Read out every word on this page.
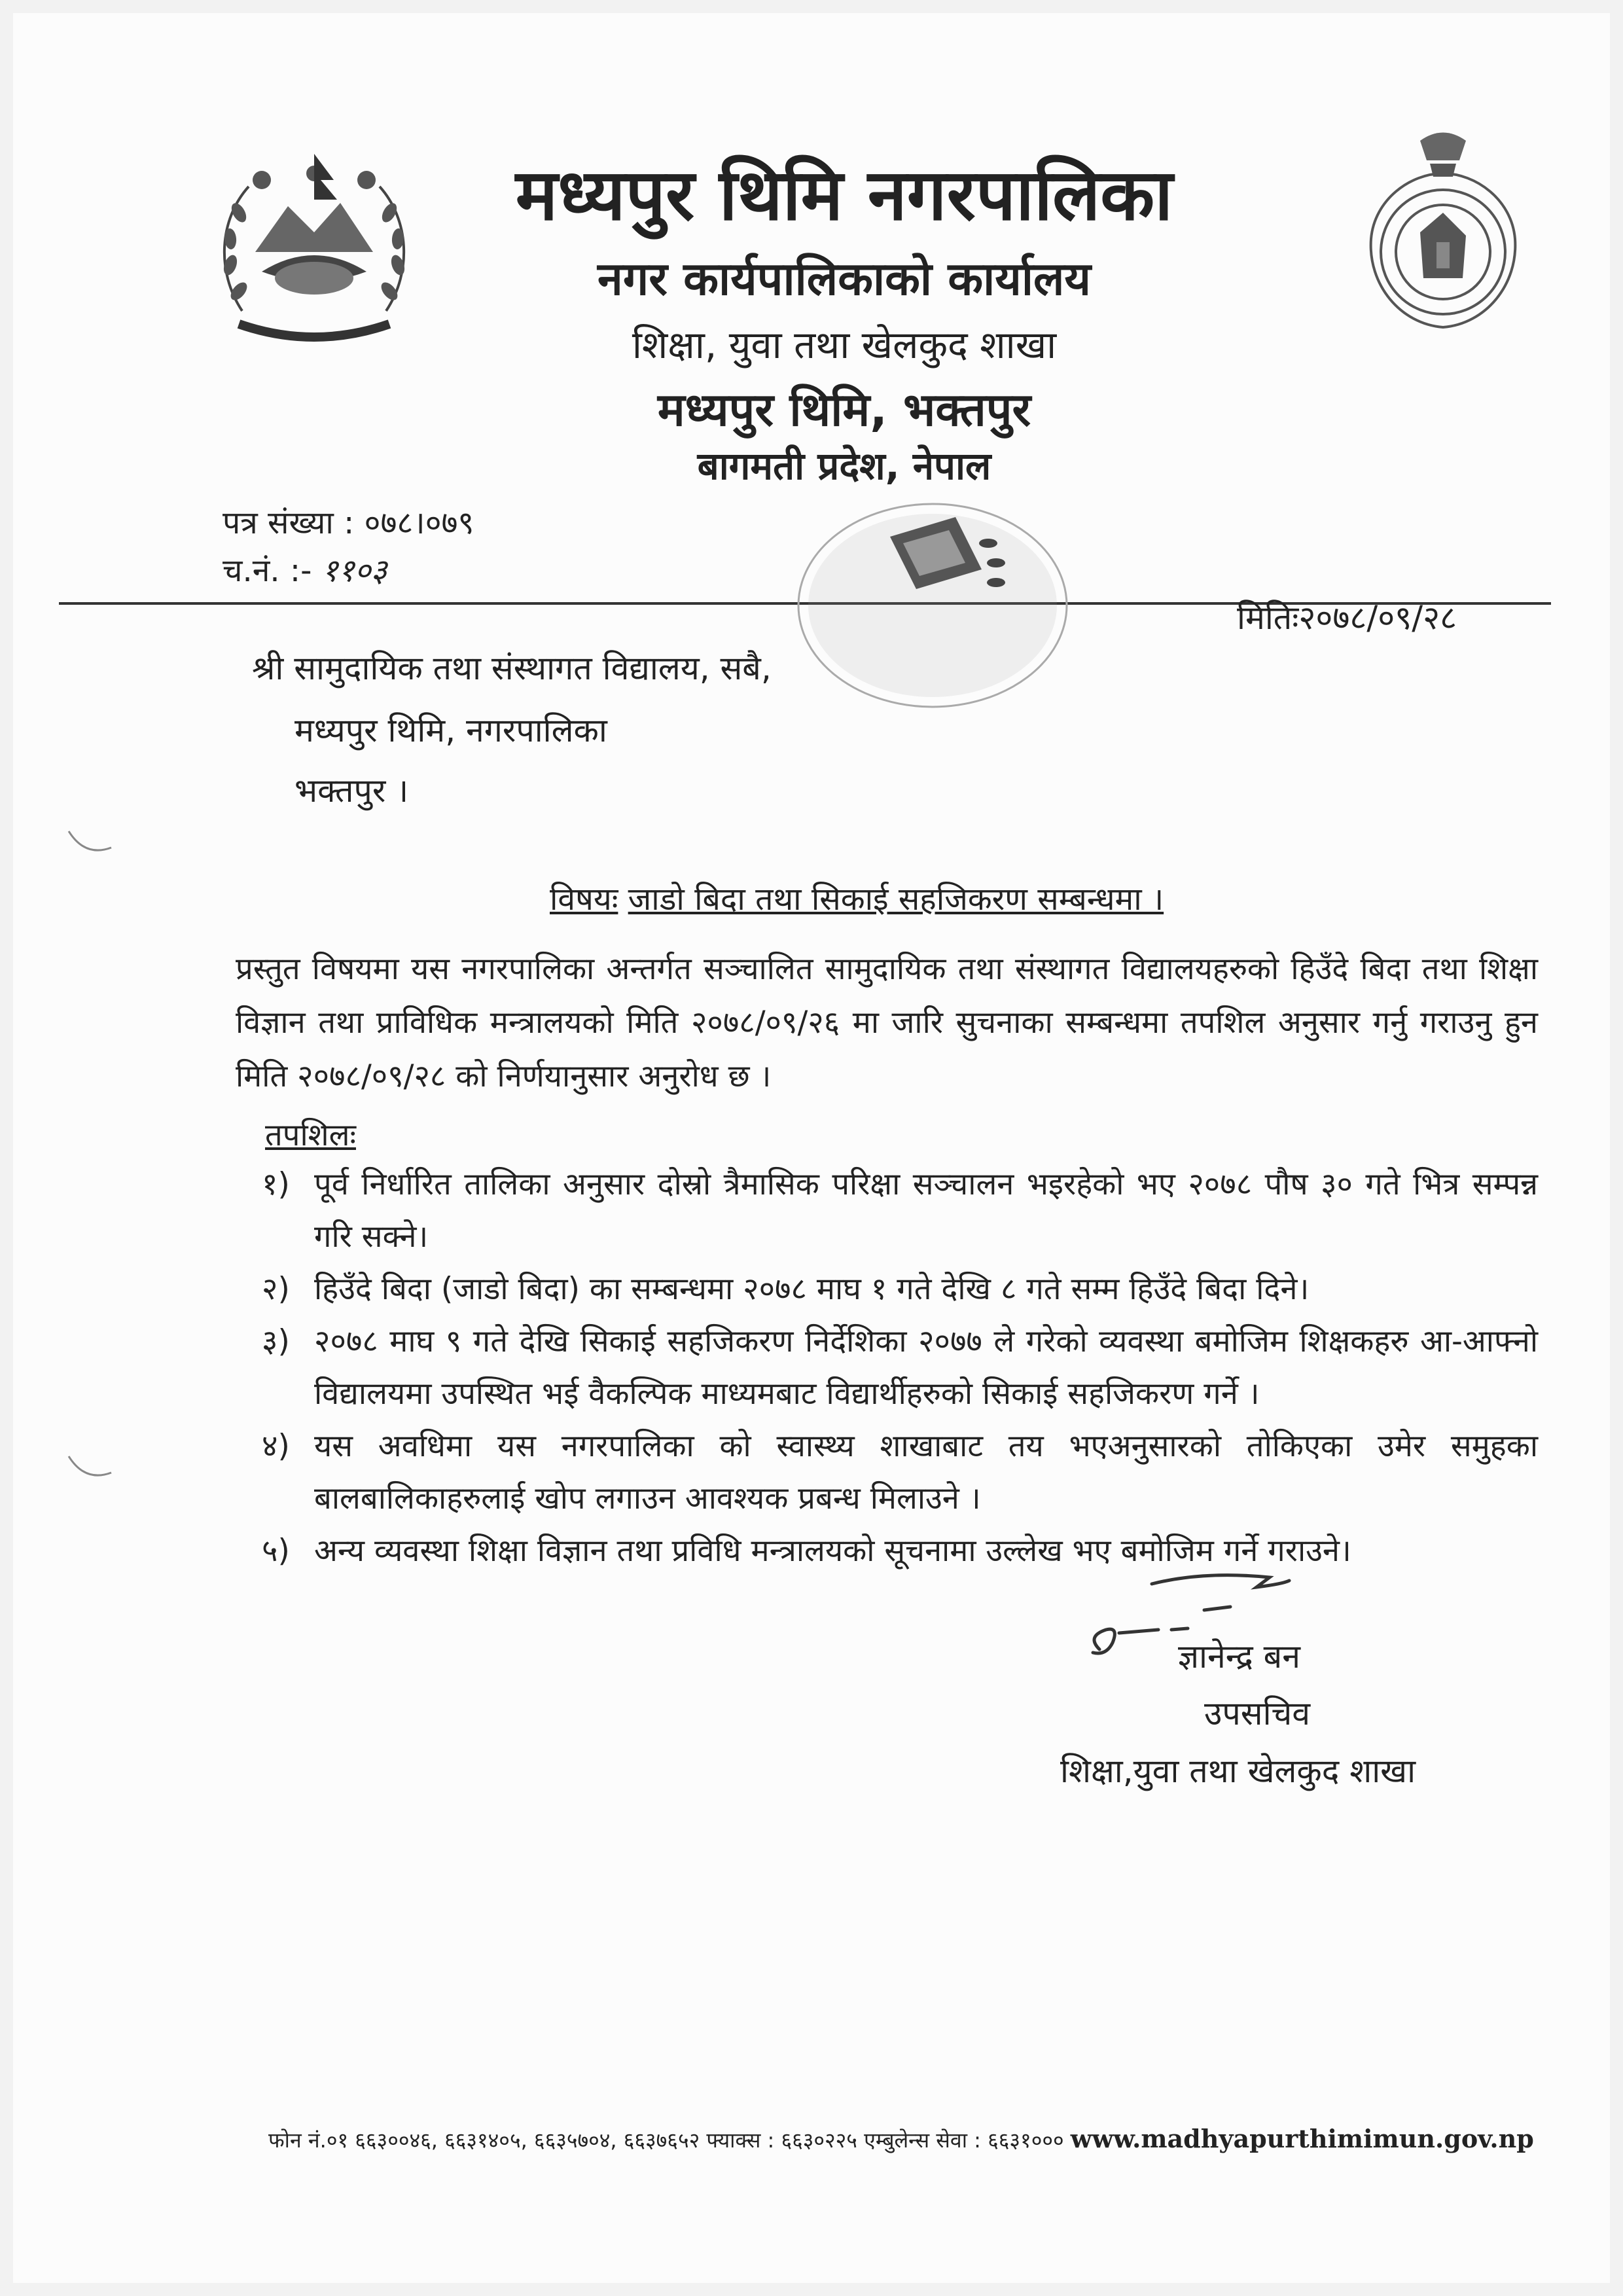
मध्यपुर थिमि नगरपालिका
नगर कार्यपालिकाको कार्यालय
शिक्षा, युवा तथा खेलकुद शाखा
मध्यपुर थिमि, भक्तपुर
बागमती प्रदेश, नेपाल
पत्र संख्या : ०७८।०७९
च.नं. :- ११०३
मितिः२०७८/०९/२८
श्री सामुदायिक तथा संस्थागत विद्यालय, सबै,
मध्यपुर थिमि, नगरपालिका
भक्तपुर ।
विषयः जाडो बिदा तथा सिकाई सहजिकरण सम्बन्धमा ।
प्रस्तुत विषयमा यस नगरपालिका अन्तर्गत सञ्चालित सामुदायिक तथा संस्थागत विद्यालयहरुको हिउँदे बिदा तथा शिक्षा विज्ञान तथा प्राविधिक मन्त्रालयको मिति २०७८/०९/२६ मा जारि सुचनाका सम्बन्धमा तपशिल अनुसार गर्नु गराउनु हुन मिति २०७८/०९/२८ को निर्णयानुसार अनुरोध छ ।
तपशिलः
१) पूर्व निर्धारित तालिका अनुसार दोस्रो त्रैमासिक परिक्षा सञ्चालन भइरहेको भए २०७८ पौष ३० गते भित्र सम्पन्न गरि सक्ने।
२) हिउँदे बिदा (जाडो बिदा) का सम्बन्धमा २०७८ माघ १ गते देखि ८ गते सम्म हिउँदे बिदा दिने।
३) २०७८ माघ ९ गते देखि सिकाई सहजिकरण निर्देशिका २०७७ ले गरेको व्यवस्था बमोजिम शिक्षकहरु आ-आफ्नो विद्यालयमा उपस्थित भई वैकल्पिक माध्यमबाट विद्यार्थीहरुको सिकाई सहजिकरण गर्ने ।
४) यस अवधिमा यस नगरपालिका को स्वास्थ्य शाखाबाट तय भएअनुसारको तोकिएका उमेर समुहका बालबालिकाहरुलाई खोप लगाउन आवश्यक प्रबन्ध मिलाउने ।
५) अन्य व्यवस्था शिक्षा विज्ञान तथा प्रविधि मन्त्रालयको सूचनामा उल्लेख भए बमोजिम गर्ने गराउने।
ज्ञानेन्द्र बन
उपसचिव
शिक्षा,युवा तथा खेलकुद शाखा
फोन नं.०१ ६६३००४६, ६६३१४०५, ६६३५७०४, ६६३७६५२ फ्याक्स : ६६३०२२५ एम्बुलेन्स सेवा : ६६३१००० www.madhyapurthimimun.gov.np
